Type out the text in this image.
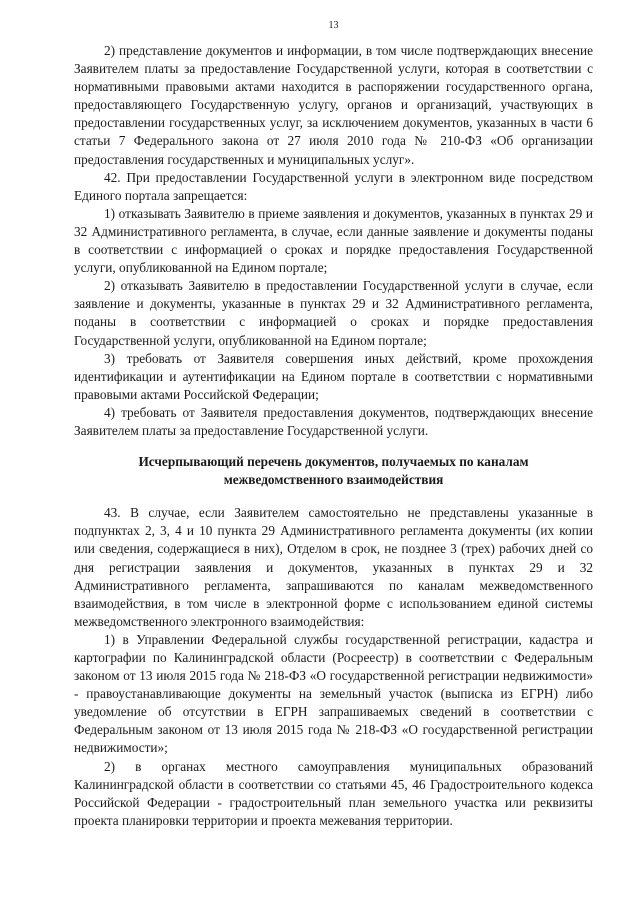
13

2) представление документов и информации, в том числе подтверждающих внесение Заявителем платы за предоставление Государственной услуги, которая в соответствии с нормативными правовыми актами находится в распоряжении государственного органа, предоставляющего Государственную услугу, органов и организаций, участвующих в предоставлении государственных услуг, за исключением документов, указанных в части 6 статьи 7 Федерального закона от 27 июля 2010 года № 210-ФЗ «Об организации предоставления государственных и муниципальных услуг».

42. При предоставлении Государственной услуги в электронном виде посредством Единого портала запрещается:

1) отказывать Заявителю в приеме заявления и документов, указанных в пунктах 29 и 32 Административного регламента, в случае, если данные заявление и документы поданы в соответствии с информацией о сроках и порядке предоставления Государственной услуги, опубликованной на Едином портале;

2) отказывать Заявителю в предоставлении Государственной услуги в случае, если заявление и документы, указанные в пунктах 29 и 32 Административного регламента, поданы в соответствии с информацией о сроках и порядке предоставления Государственной услуги, опубликованной на Едином портале;

3) требовать от Заявителя совершения иных действий, кроме прохождения идентификации и аутентификации на Едином портале в соответствии с нормативными правовыми актами Российской Федерации;

4) требовать от Заявителя предоставления документов, подтверждающих внесение Заявителем платы за предоставление Государственной услуги.

Исчерпывающий перечень документов, получаемых по каналам межведомственного взаимодействия

43. В случае, если Заявителем самостоятельно не представлены указанные в подпунктах 2, 3, 4 и 10 пункта 29 Административного регламента документы (их копии или сведения, содержащиеся в них), Отделом в срок, не позднее 3 (трех) рабочих дней со дня регистрации заявления и документов, указанных в пунктах 29 и 32 Административного регламента, запрашиваются по каналам межведомственного взаимодействия, в том числе в электронной форме с использованием единой системы межведомственного электронного взаимодействия:

1) в Управлении Федеральной службы государственной регистрации, кадастра и картографии по Калининградской области (Росреестр) в соответствии с Федеральным законом от 13 июля 2015 года № 218-ФЗ «О государственной регистрации недвижимости» - правоустанавливающие документы на земельный участок (выписка из ЕГРН) либо уведомление об отсутствии в ЕГРН запрашиваемых сведений в соответствии с Федеральным законом от 13 июля 2015 года № 218-ФЗ «О государственной регистрации недвижимости»;

2) в органах местного самоуправления муниципальных образований Калининградской области в соответствии со статьями 45, 46 Градостроительного кодекса Российской Федерации - градостроительный план земельного участка или реквизиты проекта планировки территории и проекта межевания территории.
